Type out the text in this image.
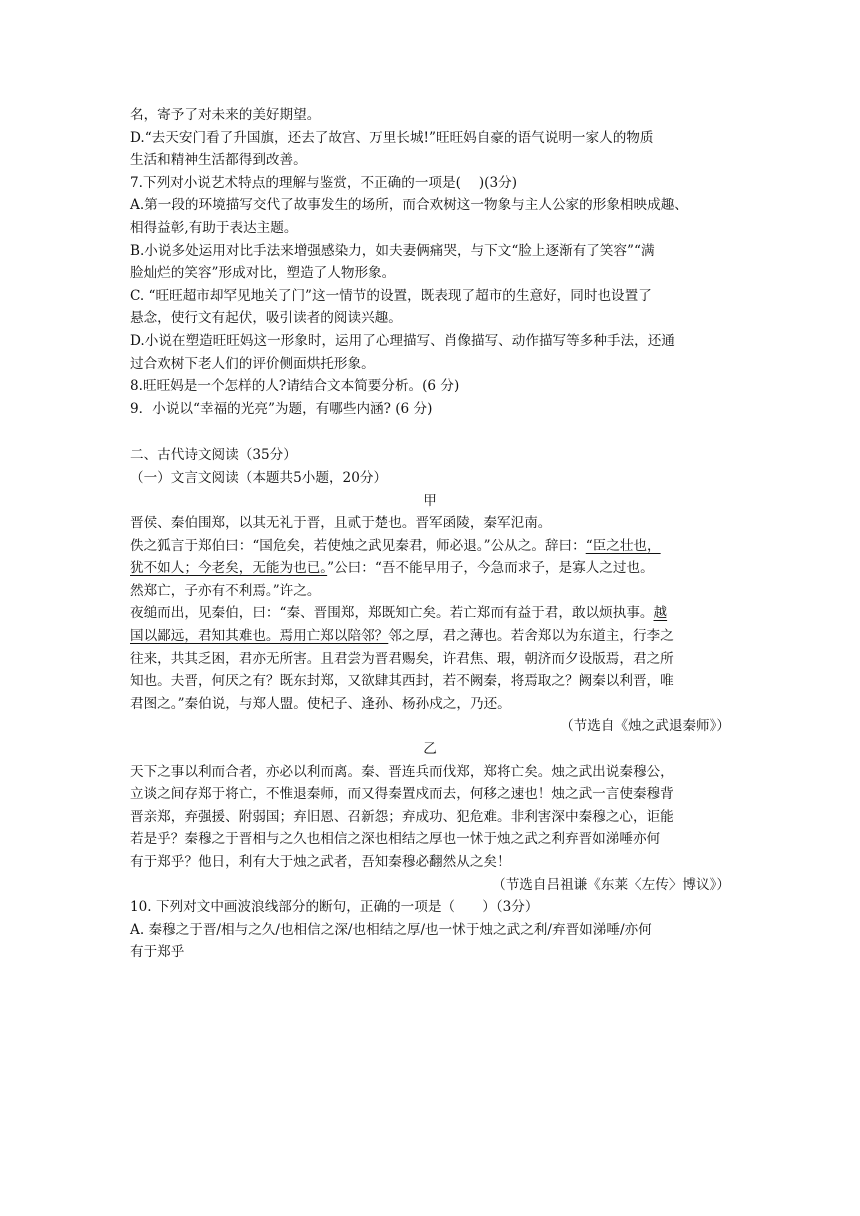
名，寄予了对未来的美好期望。
D.“去天安门看了升国旗，还去了故宫、万里长城!”旺旺妈自豪的语气说明一家人的物质
生活和精神生活都得到改善。
7.下列对小说艺术特点的理解与鉴赏，不正确的一项是(　 )(3分)
A.第一段的环境描写交代了故事发生的场所，而合欢树这一物象与主人公家的形象相映成趣、
相得益彰,有助于表达主题。
B.小说多处运用对比手法来增强感染力，如夫妻俩痛哭，与下文“脸上逐渐有了笑容”“满
脸灿烂的笑容”形成对比，塑造了人物形象。
C. “旺旺超市却罕见地关了门”这一情节的设置，既表现了超市的生意好，同时也设置了
悬念，使行文有起伏，吸引读者的阅读兴趣。
D.小说在塑造旺旺妈这一形象时，运用了心理描写、肖像描写、动作描写等多种手法，还通
过合欢树下老人们的评价侧面烘托形象。
8.旺旺妈是一个怎样的人?请结合文本简要分析。(6 分)
9．小说以“幸福的光亮”为题，有哪些内涵? (6 分)
二、古代诗文阅读（35分）
（一）文言文阅读（本题共5小题，20分）
甲
晋侯、秦伯围郑，以其无礼于晋，且贰于楚也。晋军函陵，秦军氾南。
佚之狐言于郑伯曰：“国危矣，若使烛之武见秦君，师必退。”公从之。辞曰：“臣之壮也，
犹不如人；今老矣，无能为也已。”公曰：“吾不能早用子，今急而求子，是寡人之过也。
然郑亡，子亦有不利焉。”许之。
夜缒而出，见秦伯，曰：“秦、晋围郑，郑既知亡矣。若亡郑而有益于君，敢以烦执事。越
国以鄙远，君知其难也。焉用亡郑以陪邻？邻之厚，君之薄也。若舍郑以为东道主，行李之
往来，共其乏困，君亦无所害。且君尝为晋君赐矣，许君焦、瑕，朝济而夕设版焉，君之所
知也。夫晋，何厌之有？既东封郑，又欲肆其西封，若不阙秦，将焉取之？阙秦以利晋，唯
君图之。”秦伯说，与郑人盟。使杞子、逢孙、杨孙戍之，乃还。
（节选自《烛之武退秦师》）
乙
天下之事以利而合者，亦必以利而离。秦、晋连兵而伐郑，郑将亡矣。烛之武出说秦穆公，
立谈之间存郑于将亡，不惟退秦师，而又得秦置戍而去，何移之速也！烛之武一言使秦穆背
晋亲郑，弃强援、附弱国；弃旧恩、召新怨；弃成功、犯危难。非利害深中秦穆之心，讵能
若是乎？秦穆之于晋相与之久也相信之深也相结之厚也一怵于烛之武之利弃晋如涕唾亦何
有于郑乎？他日，利有大于烛之武者，吾知秦穆必翻然从之矣！
（节选自吕祖谦《东莱〈左传〉博议》）
10. 下列对文中画波浪线部分的断句，正确的一项是（　　）（3分）
A. 秦穆之于晋/相与之久/也相信之深/也相结之厚/也一怵于烛之武之利/弃晋如涕唾/亦何
有于郑乎
